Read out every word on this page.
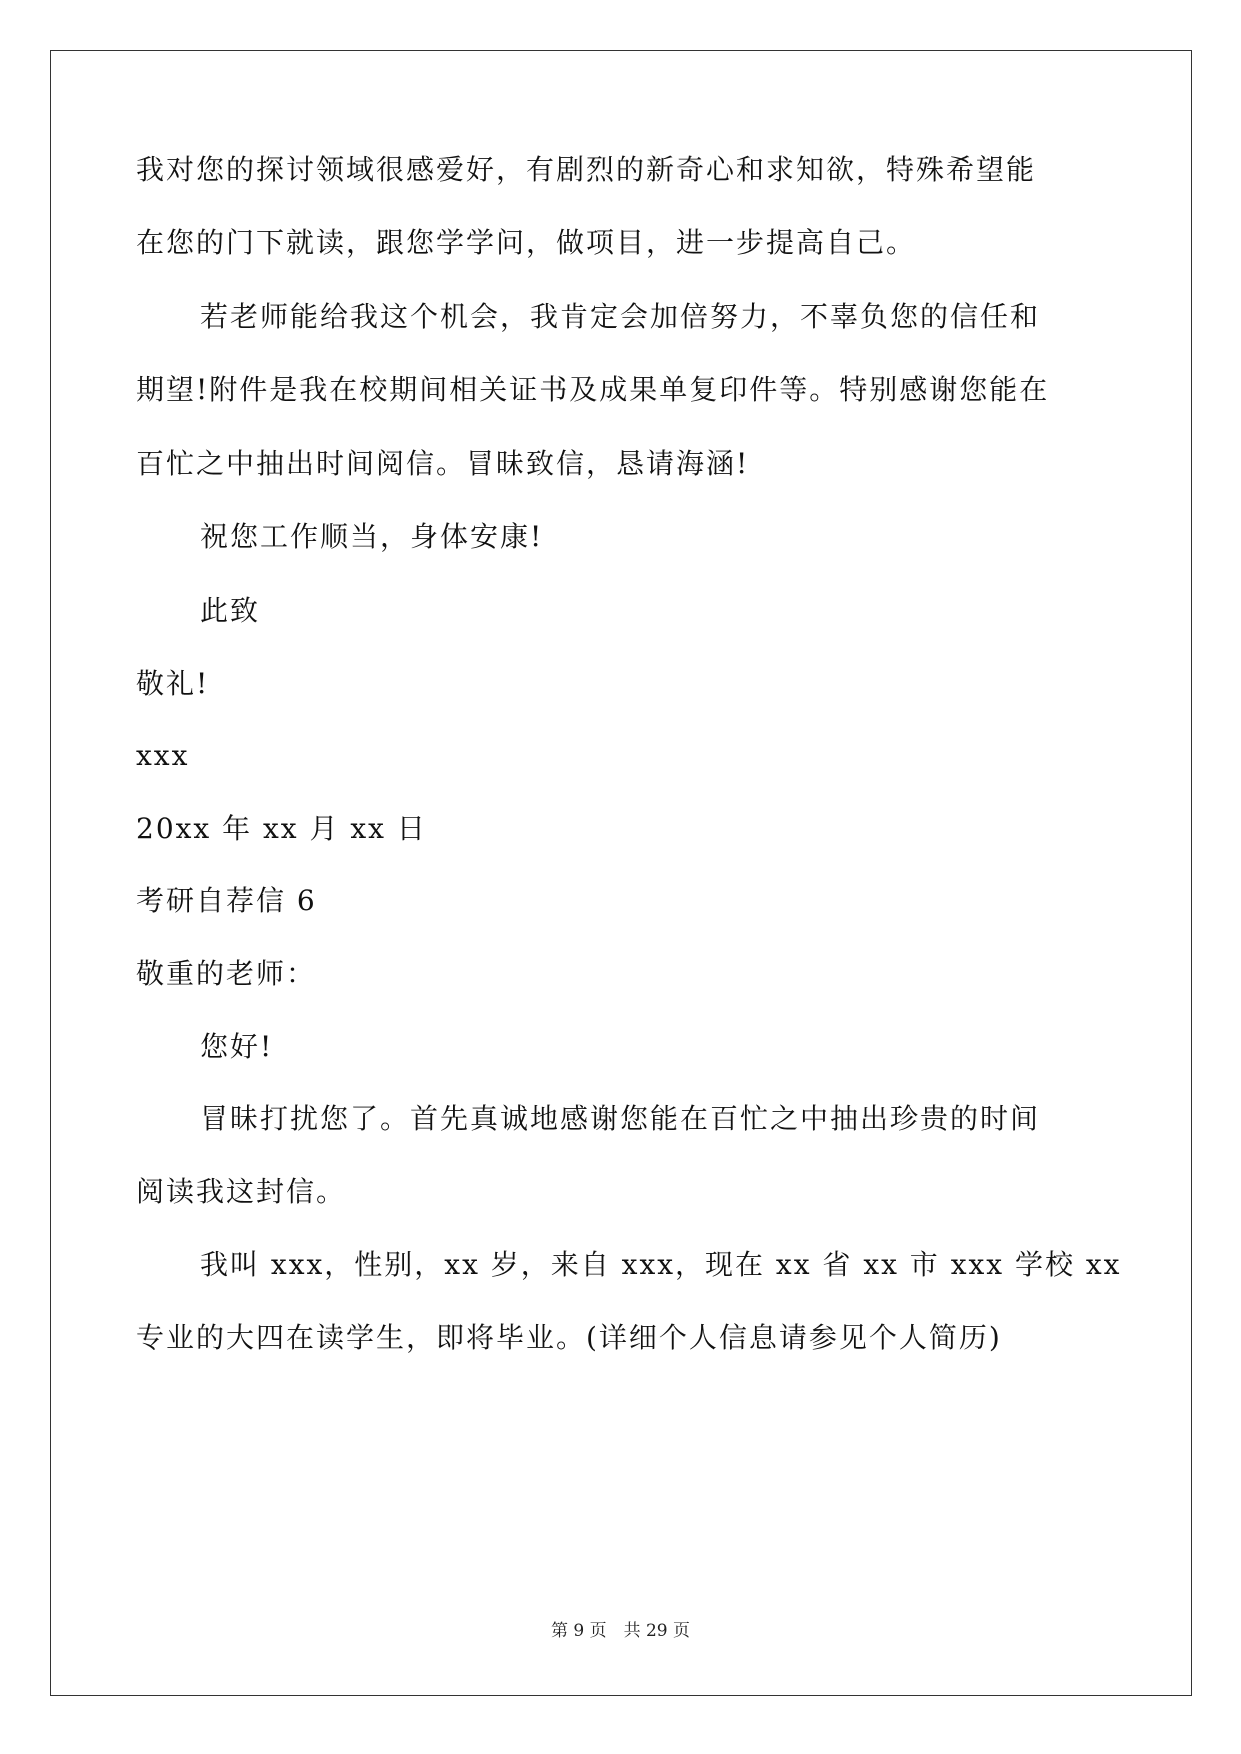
我对您的探讨领域很感爱好，有剧烈的新奇心和求知欲，特殊希望能

在您的门下就读，跟您学学问，做项目，进一步提高自己。

若老师能给我这个机会，我肯定会加倍努力，不辜负您的信任和

期望!附件是我在校期间相关证书及成果单复印件等。特别感谢您能在

百忙之中抽出时间阅信。冒昧致信，恳请海涵!

祝您工作顺当，身体安康!

此致

敬礼!

xxx

20xx 年 xx 月 xx 日

考研自荐信 6

敬重的老师：

您好!

冒昧打扰您了。首先真诚地感谢您能在百忙之中抽出珍贵的时间

阅读我这封信。

我叫 xxx，性别，xx 岁，来自 xxx，现在 xx 省 xx 市 xxx 学校 xx

专业的大四在读学生，即将毕业。(详细个人信息请参见个人简历)

第 9 页　共 29 页
